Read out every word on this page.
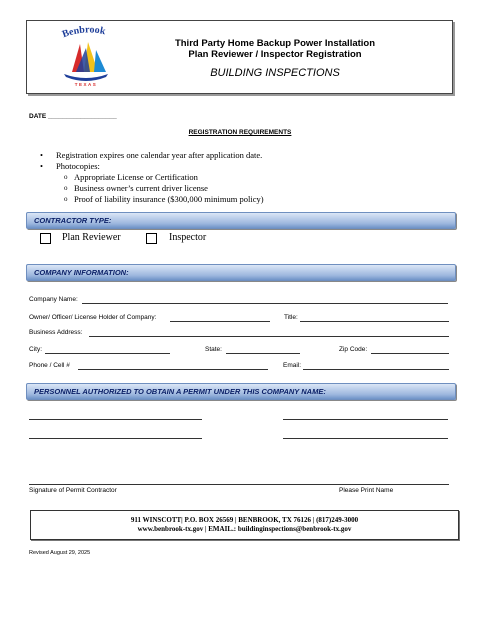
Benbrook
TEXAS
Third Party Home Backup Power Installation
Plan Reviewer / Inspector Registration
BUILDING INSPECTIONS
DATE ___________________
REGISTRATION REQUIREMENTS
• Registration expires one calendar year after application date.
• Photocopies:
o Appropriate License or Certification
o Business owner’s current driver license
o Proof of liability insurance ($300,000 minimum policy)
CONTRACTOR TYPE:
Plan Reviewer	Inspector
COMPANY INFORMATION:
Company Name:
Owner/ Officer/ License Holder of Company:	Title:
Business Address:
City:	State:	Zip Code:
Phone / Cell #	Email:
PERSONNEL AUTHORIZED TO OBTAIN A PERMIT UNDER THIS COMPANY NAME:
Signature of Permit Contractor	Please Print Name
911 WINSCOTT| P.O. BOX 26569 | BENBROOK, TX 76126 | (817)249-3000
www.benbrook-tx.gov | EMAIL.: buildinginspections@benbrook-tx.gov
Revised August 29, 2025
